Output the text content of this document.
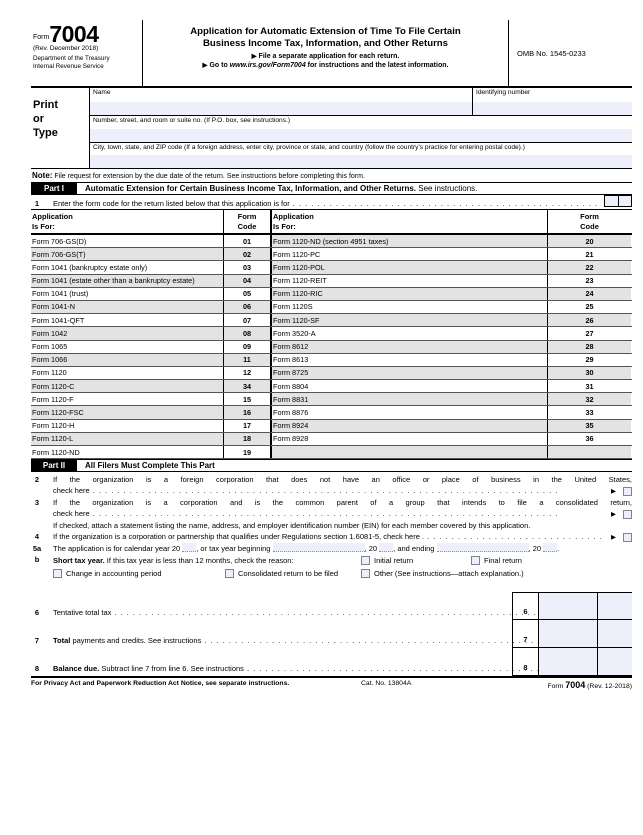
Form 7004
(Rev. December 2018)
Department of the Treasury
Internal Revenue Service
Application for Automatic Extension of Time To File Certain
Business Income Tax, Information, and Other Returns
▶ File a separate application for each return.
▶ Go to www.irs.gov/Form7004 for instructions and the latest information.
OMB No. 1545-0233
Print
or
Type
Name	Identifying number
Number, street, and room or suite no. (If P.O. box, see instructions.)
City, town, state, and ZIP code (If a foreign address, enter city, province or state, and country (follow the country's practice for entering postal code).)
Note: File request for extension by the due date of the return. See instructions before completing this form.
Part I	Automatic Extension for Certain Business Income Tax, Information, and Other Returns. See instructions.
1	Enter the form code for the return listed below that this application is for
. . .
Application
Is For:
Form
Code
Application
Is For:
Form
Code
Form 706-GS(D)	01	Form 1120-ND (section 4951 taxes)	20
Form 706-GS(T)	02	Form 1120-PC	21
Form 1041 (bankruptcy estate only)	03	Form 1120-POL	22
Form 1041 (estate other than a bankruptcy estate)	04	Form 1120-REIT	23
Form 1041 (trust)	05	Form 1120-RIC	24
Form 1041-N	06	Form 1120S	25
Form 1041-QFT	07	Form 1120-SF	26
Form 1042	08	Form 3520-A	27
Form 1065	09	Form 8612	28
Form 1066	11	Form 8613	29
Form 1120	12	Form 8725	30
Form 1120-C	34	Form 8804	31
Form 1120-F	15	Form 8831	32
Form 1120-FSC	16	Form 8876	33
Form 1120-H	17	Form 8924	35
Form 1120-L	18	Form 8928	36
Form 1120-ND	19
Part II	All Filers Must Complete This Part
2	If the organization is a foreign corporation that does not have an office or place of business in the United States,
check here . . .	▶
3	If the organization is a corporation and is the common parent of a group that intends to file a consolidated return,
check here . . .	▶
If checked, attach a statement listing the name, address, and employer identification number (EIN) for each member covered by this application.
4	If the organization is a corporation or partnership that qualifies under Regulations section 1.6081-5, check here . . . .	▶
5a	The application is for calendar year 20 , or tax year beginning	, 20 , and ending	, 20 .
b	Short tax year. If this tax year is less than 12 months, check the reason:	Initial return	Final return
Change in accounting period	Consolidated return to be filed	Other (See instructions—attach explanation.)
6	Tentative total tax . . .	6
7	Total payments and credits. See instructions . . .	7
8	Balance due. Subtract line 7 from line 6. See instructions . . .	8
For Privacy Act and Paperwork Reduction Act Notice, see separate instructions.	Cat. No. 13804A	Form 7004 (Rev. 12-2018)
